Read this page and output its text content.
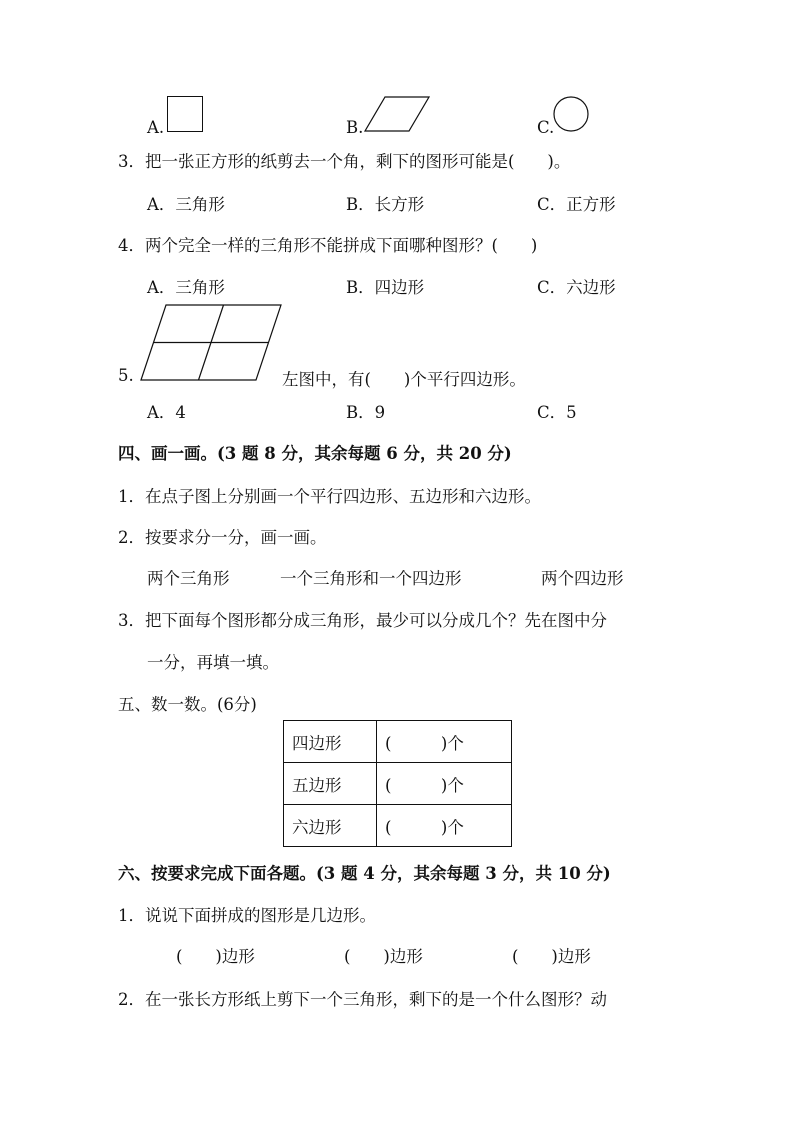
A.	B.	C.
3．把一张正方形的纸剪去一个角，剩下的图形可能是(　　)。
A．三角形	B．长方形	C．正方形
4．两个完全一样的三角形不能拼成下面哪种图形？(　　)
A．三角形	B．四边形	C．六边形
5.	左图中，有(　　)个平行四边形。
A．4	B．9	C．5
四、画一画。(3 题 8 分，其余每题 6 分，共 20 分)
1．在点子图上分别画一个平行四边形、五边形和六边形。
2．按要求分一分，画一画。
两个三角形	一个三角形和一个四边形	两个四边形
3．把下面每个图形都分成三角形，最少可以分成几个？先在图中分
一分，再填一填。
五、数一数。(6分)
四边形	(　　　)个
五边形	(　　　)个
六边形	(　　　)个
六、按要求完成下面各题。(3 题 4 分，其余每题 3 分，共 10 分)
1．说说下面拼成的图形是几边形。
(　　)边形	(　　)边形	(　　)边形
2．在一张长方形纸上剪下一个三角形，剩下的是一个什么图形？动
